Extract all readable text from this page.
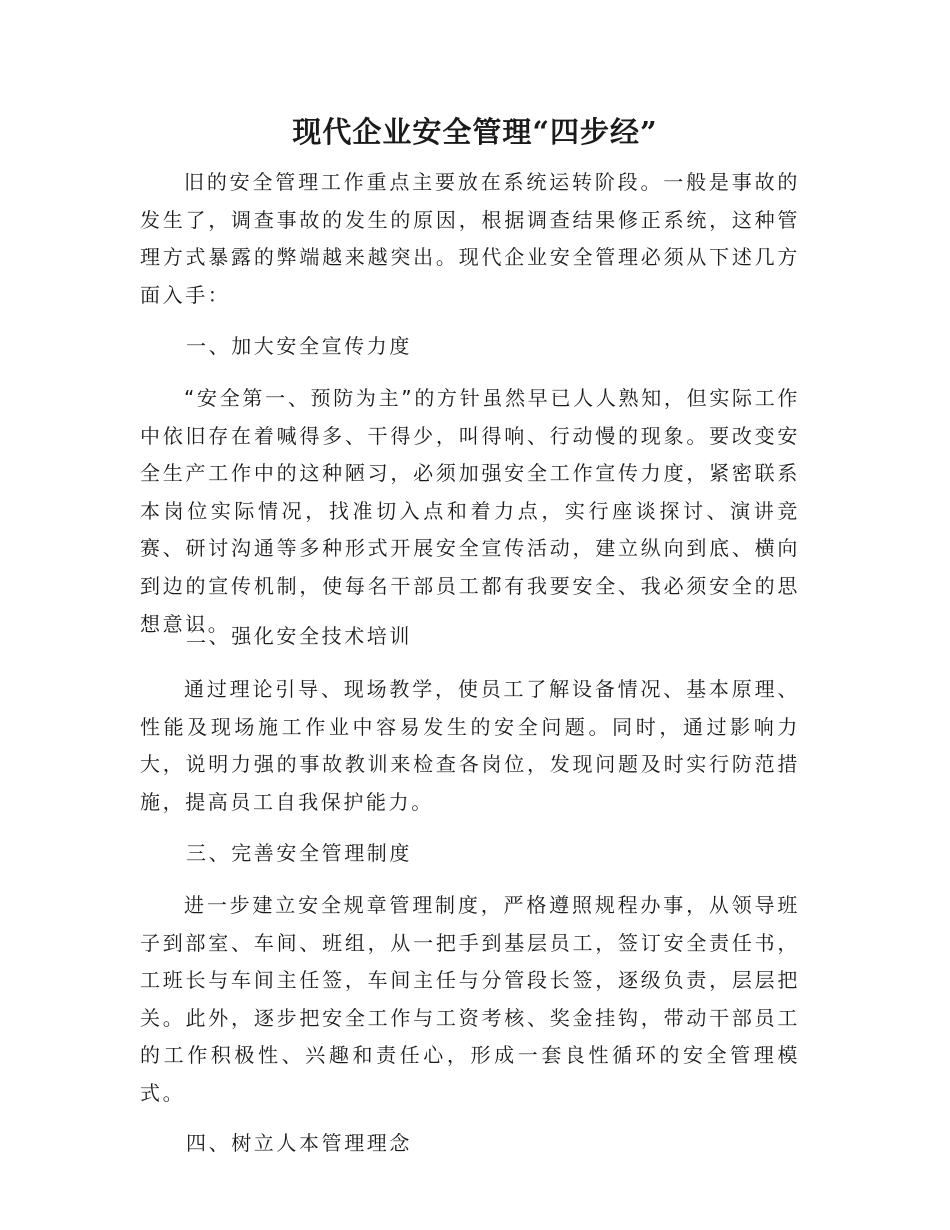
现代企业安全管理“四步经”

旧的安全管理工作重点主要放在系统运转阶段。一般是事故的发生了，调查事故的发生的原因，根据调查结果修正系统，这种管理方式暴露的弊端越来越突出。现代企业安全管理必须从下述几方面入手：

一、加大安全宣传力度

“安全第一、预防为主”的方针虽然早已人人熟知，但实际工作中依旧存在着喊得多、干得少，叫得响、行动慢的现象。要改变安全生产工作中的这种陋习，必须加强安全工作宣传力度，紧密联系本岗位实际情况，找准切入点和着力点，实行座谈探讨、演讲竞赛、研讨沟通等多种形式开展安全宣传活动，建立纵向到底、横向到边的宣传机制，使每名干部员工都有我要安全、我必须安全的思想意识。

二、强化安全技术培训

通过理论引导、现场教学，使员工了解设备情况、基本原理、性能及现场施工作业中容易发生的安全问题。同时，通过影响力大，说明力强的事故教训来检查各岗位，发现问题及时实行防范措施，提高员工自我保护能力。

三、完善安全管理制度

进一步建立安全规章管理制度，严格遵照规程办事，从领导班子到部室、车间、班组，从一把手到基层员工，签订安全责任书，工班长与车间主任签，车间主任与分管段长签，逐级负责，层层把关。此外，逐步把安全工作与工资考核、奖金挂钩，带动干部员工的工作积极性、兴趣和责任心，形成一套良性循环的安全管理模式。

四、树立人本管理理念
